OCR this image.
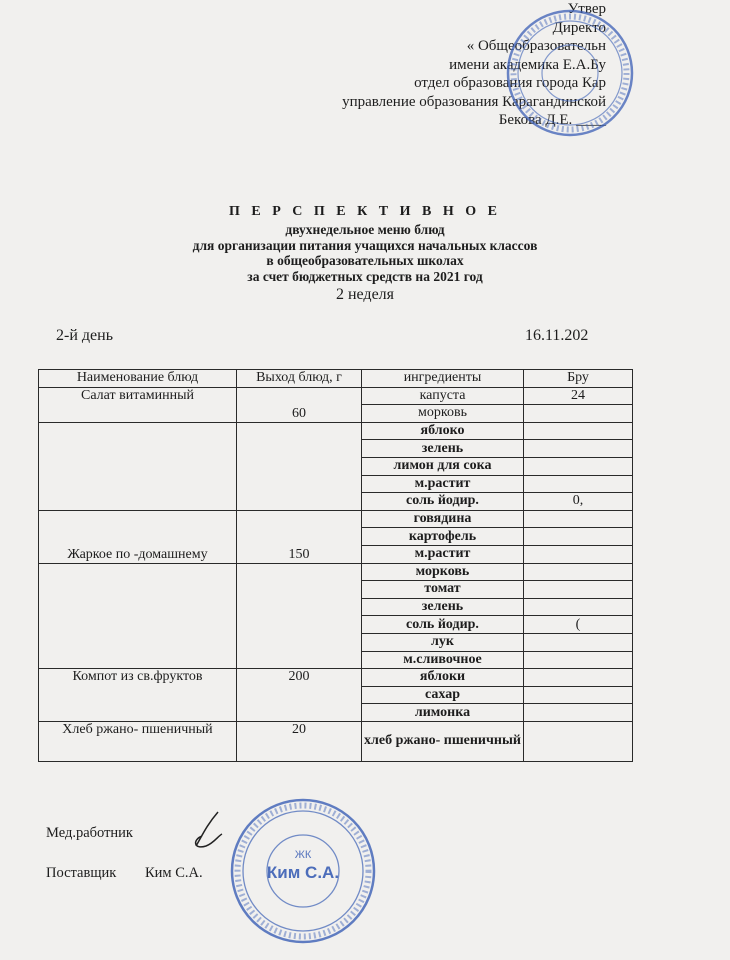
Утвер
Директо
« Общеобразовательн
имени академика Е.А.Бу
отдел образования города Кар
управление образования Карагандинской
Бекова Д.Е. ____
П Е Р С П Е К Т И В Н О Е
двухнедельное меню блюд
для организации питания учащихся начальных классов
в общеобразовательных школах
за счет бюджетных средств на 2021 год
2 неделя
2-й день	16.11.202
Наименование блюд	Выход блюд, г	ингредиенты	Бру
Салат витаминный	60	капуста	24
		морковь	
		яблоко	
		зелень	
		лимон для сока	
		м.растит	
		соль йодир.	0,
Жаркое по -домашнему	150	говядина	
		картофель	
		м.растит	
		морковь	
		томат	
		зелень	
		соль йодир.	(
		лук	
		м.сливочное	
Компот из св.фруктов	200	яблоки	
		сахар	
		лимонка	
Хлеб ржано- пшеничный	20	хлеб ржано- пшеничный	
Мед.работник
Поставщик Ким С.А.
ЖК
Ким С.А.
